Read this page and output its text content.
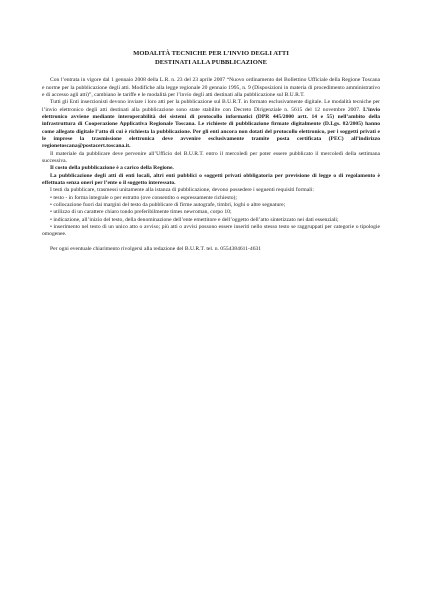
MODALITÀ TECNICHE PER L’INVIO DEGLI ATTI
DESTINATI ALLA PUBBLICAZIONE

Con l’entrata in vigore dal 1 gennaio 2008 della L.R. n. 23 del 23 aprile 2007 “Nuovo ordinamento del Bollettino Ufficiale della Regione Toscana e norme per la pubblicazione degli atti. Modifiche alla legge regionale 20 gennaio 1995, n. 9 (Disposizioni in materia di procedimento amministrativo e di accesso agli atti)”, cambiano le tariffe e le modalità per l’invio degli atti destinati alla pubblicazione sul B.U.R.T.

Tutti gli Enti inserzionisti devono inviare i loro atti per la pubblicazione sul B.U.R.T. in formato esclusivamente digitale. Le modalità tecniche per l’invio elettronico degli atti destinati alla pubblicazione sono state stabilite con Decreto Dirigenziale n. 5615 del 12 novembre 2007. L’invio elettronico avviene mediante interoperabilità dei sistemi di protocollo informatici (DPR 445/2000 artt. 14 e 55) nell’ambito della infrastruttura di Cooperazione Applicativa Regionale Toscana. Le richieste di pubblicazione firmate digitalmente (D.Lgs. 82/2005) hanno come allegato digitale l’atto di cui è richiesta la pubblicazione. Per gli enti ancora non dotati del protocollo elettronico, per i soggetti privati e le imprese la trasmissione elettronica deve avvenire esclusivamente tramite posta certificata (PEC) all’indirizzo regionetoscana@postacert.toscana.it.

Il materiale da pubblicare deve pervenire all’Ufficio del B.U.R.T. entro il mercoledì per poter essere pubblicato il mercoledì della settimana successiva.

Il costo della pubblicazione è a carico della Regione.

La pubblicazione degli atti di enti locali, altri enti pubblici o soggetti privati obbligatoria per previsione di legge o di regolamento è effettuata senza oneri per l’ente o il soggetto interessato.

I testi da pubblicare, trasmessi unitamente alla istanza di pubblicazione, devono possedere i seguenti requisiti formali:

• testo - in forma integrale o per estratto (ove consentito o espressamente richiesto);
• collocazione fuori dai margini del testo da pubblicare di firme autografe, timbri, loghi o altre segnature;
• utilizzo di un carattere chiaro tondo preferibilmente times newroman, corpo 10;
• indicazione, all’inizio del testo, della denominazione dell’ente emettitore e dell’oggetto dell’atto sintetizzato nei dati essenziali;
• inserimento nel testo di un unico atto o avviso; più atti o avvisi possono essere inseriti nello stesso testo se raggruppati per categorie o tipologie omogenee.

Per ogni eventuale chiarimento rivolgersi alla redazione del B.U.R.T. tel. n. 0554384611-4631
